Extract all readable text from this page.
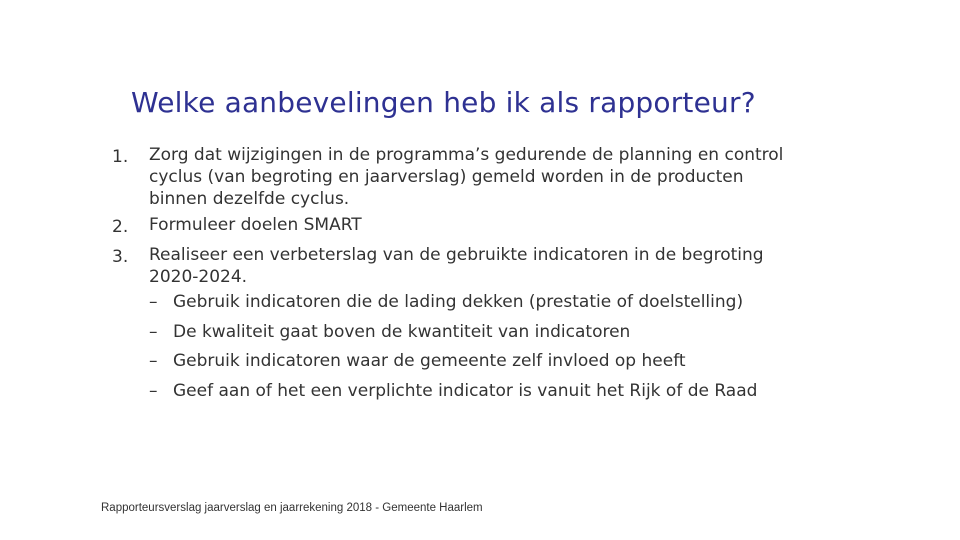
Welke aanbevelingen heb ik als rapporteur?
1.	Zorg dat wijzigingen in de programma’s gedurende de planning en control
cyclus (van begroting en jaarverslag) gemeld worden in de producten
binnen dezelfde cyclus.
2.	Formuleer doelen SMART
3.	Realiseer een verbeterslag van de gebruikte indicatoren in de begroting
2020-2024.
– Gebruik indicatoren die de lading dekken (prestatie of doelstelling)
– De kwaliteit gaat boven de kwantiteit van indicatoren
– Gebruik indicatoren waar de gemeente zelf invloed op heeft
– Geef aan of het een verplichte indicator is vanuit het Rijk of de Raad
Rapporteursverslag jaarverslag en jaarrekening 2018 - Gemeente Haarlem
